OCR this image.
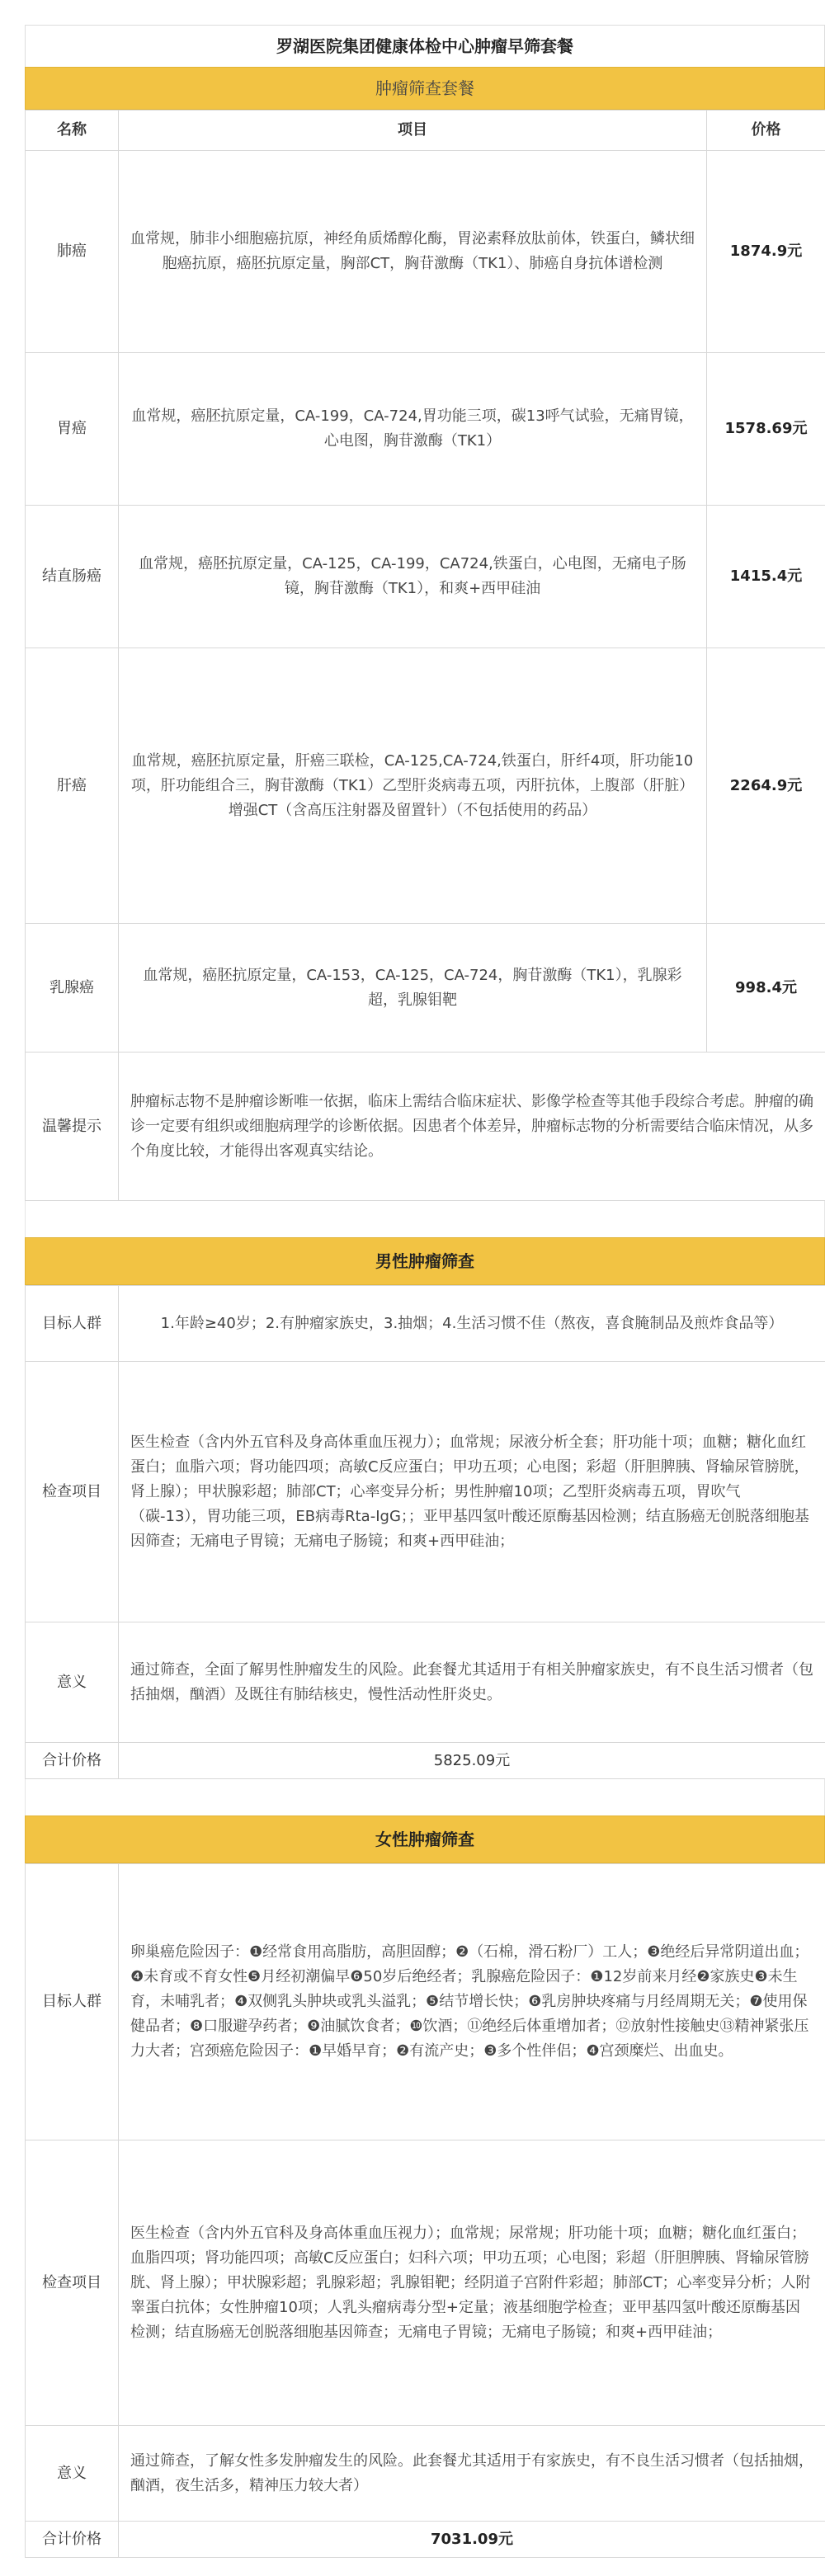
罗湖医院集团健康体检中心肿瘤早筛套餐
肿瘤筛查套餐
名称	项目	价格
肺癌	血常规，肺非小细胞癌抗原，神经角质烯醇化酶，胃泌素释放肽前体，铁蛋白，鳞状细胞癌抗原，癌胚抗原定量，胸部CT，胸苷激酶（TK1）、肺癌自身抗体谱检测	1874.9元
胃癌	血常规，癌胚抗原定量，CA-199，CA-724,胃功能三项，碳13呼气试验，无痛胃镜，心电图，胸苷激酶（TK1）	1578.69元
结直肠癌	血常规，癌胚抗原定量，CA-125，CA-199，CA724,铁蛋白，心电图，无痛电子肠镜，胸苷激酶（TK1），和爽+西甲硅油	1415.4元
肝癌	血常规，癌胚抗原定量，肝癌三联检，CA-125,CA-724,铁蛋白，肝纤4项，肝功能10项，肝功能组合三，胸苷激酶（TK1）乙型肝炎病毒五项，丙肝抗体，上腹部（肝脏）增强CT（含高压注射器及留置针）（不包括使用的药品）	2264.9元
乳腺癌	血常规，癌胚抗原定量，CA-153，CA-125，CA-724，胸苷激酶（TK1），乳腺彩超，乳腺钼靶	998.4元
温馨提示	肿瘤标志物不是肿瘤诊断唯一依据，临床上需结合临床症状、影像学检查等其他手段综合考虑。肿瘤的确诊一定要有组织或细胞病理学的诊断依据。因患者个体差异，肿瘤标志物的分析需要结合临床情况，从多个角度比较，才能得出客观真实结论。	
男性肿瘤筛查
目标人群	1.年龄≥40岁；2.有肿瘤家族史，3.抽烟；4.生活习惯不佳（熬夜，喜食腌制品及煎炸食品等）
检查项目	医生检查（含内外五官科及身高体重血压视力）；血常规；尿液分析全套；肝功能十项；血糖；糖化血红蛋白；血脂六项；肾功能四项；高敏C反应蛋白；甲功五项；心电图；彩超（肝胆脾胰、肾输尿管膀胱，肾上腺）；甲状腺彩超；肺部CT；心率变异分析；男性肿瘤10项；乙型肝炎病毒五项，胃吹气（碳-13），胃功能三项，EB病毒Rta-IgG；；亚甲基四氢叶酸还原酶基因检测；结直肠癌无创脱落细胞基因筛查；无痛电子胃镜；无痛电子肠镜；和爽+西甲硅油；
意义	通过筛查，全面了解男性肿瘤发生的风险。此套餐尤其适用于有相关肿瘤家族史，有不良生活习惯者（包括抽烟，酗酒）及既往有肺结核史，慢性活动性肝炎史。
合计价格	5825.09元
女性肿瘤筛查
目标人群	卵巢癌危险因子：❶经常食用高脂肪，高胆固醇；❷（石棉，滑石粉厂）工人；❸绝经后异常阴道出血；❹未育或不育女性❺月经初潮偏早❻50岁后绝经者；乳腺癌危险因子：❶12岁前来月经❷家族史❸未生育，未哺乳者；❹双侧乳头肿块或乳头溢乳；❺结节增长快；❻乳房肿块疼痛与月经周期无关；❼使用保健品者；❽口服避孕药者；❾油腻饮食者；❿饮酒；⑪绝经后体重增加者；⑫放射性接触史⑬精神紧张压力大者；宫颈癌危险因子：❶早婚早育；❷有流产史；❸多个性伴侣；❹宫颈糜烂、出血史。
检查项目	医生检查（含内外五官科及身高体重血压视力）；血常规；尿常规；肝功能十项；血糖；糖化血红蛋白；血脂四项；肾功能四项；高敏C反应蛋白；妇科六项；甲功五项；心电图；彩超（肝胆脾胰、肾输尿管膀胱、肾上腺）；甲状腺彩超；乳腺彩超；乳腺钼靶；经阴道子宫附件彩超；肺部CT；心率变异分析；人附睾蛋白抗体；女性肿瘤10项；人乳头瘤病毒分型+定量；液基细胞学检查；亚甲基四氢叶酸还原酶基因检测；结直肠癌无创脱落细胞基因筛查；无痛电子胃镜；无痛电子肠镜；和爽+西甲硅油；
意义	通过筛查，了解女性多发肿瘤发生的风险。此套餐尤其适用于有家族史，有不良生活习惯者（包括抽烟，酗酒，夜生活多，精神压力较大者）
合计价格	7031.09元
